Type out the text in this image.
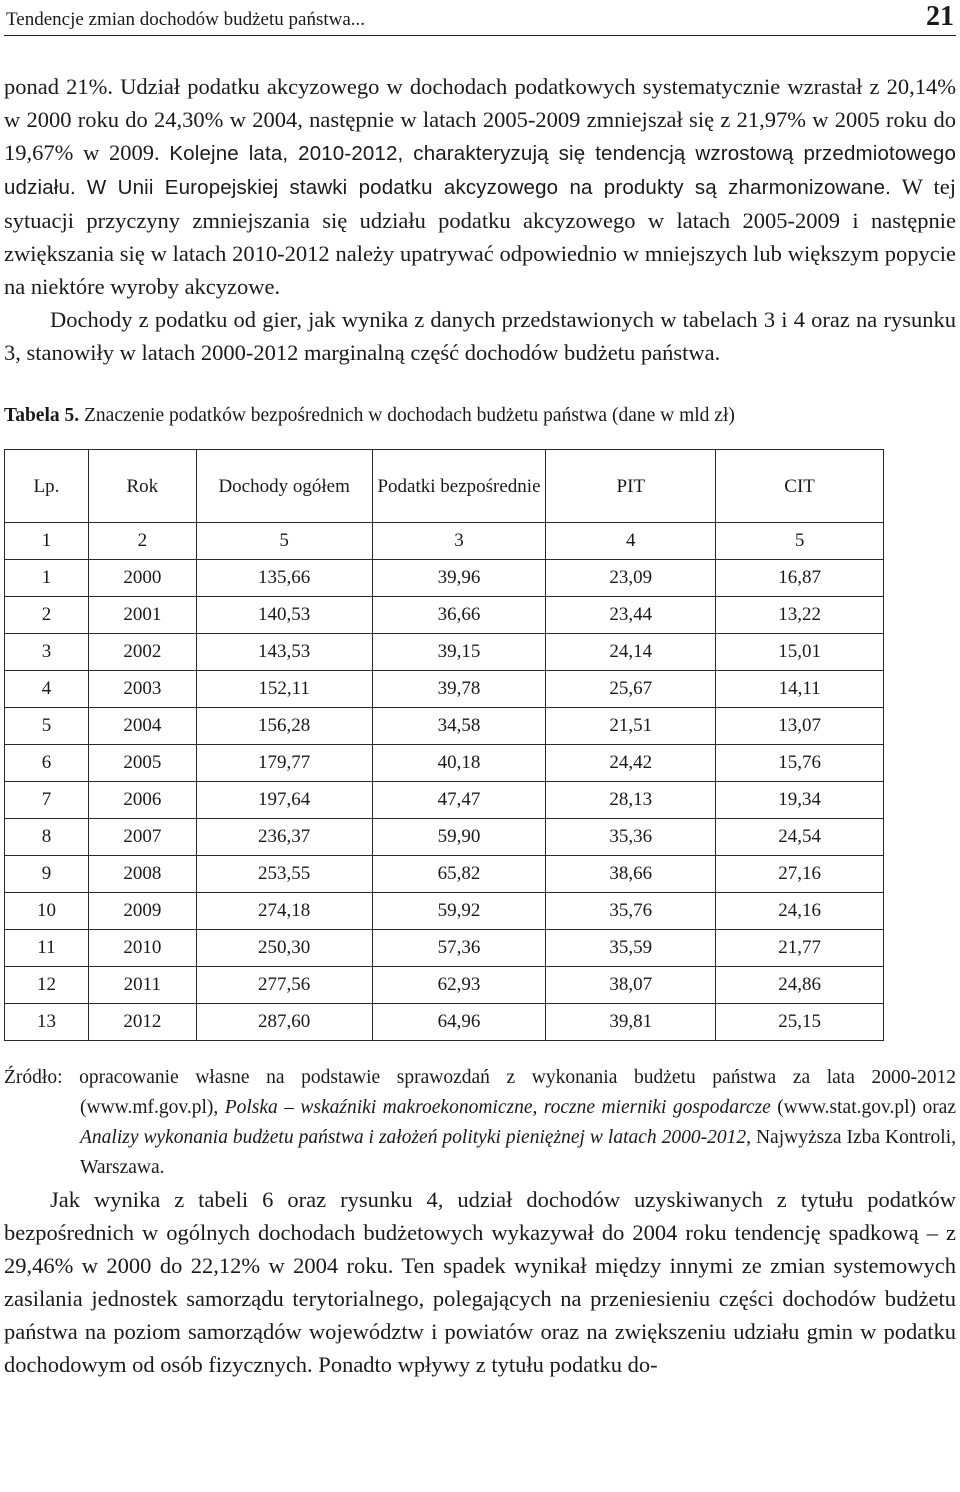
Tendencje zmian dochodów budżetu państwa...	21

ponad 21%. Udział podatku akcyzowego w dochodach podatkowych systematycznie wzrastał z 20,14% w 2000 roku do 24,30% w 2004, następnie w latach 2005-2009 zmniejszał się z 21,97% w 2005 roku do 19,67% w 2009. Kolejne lata, 2010-2012, charakteryzują się tendencją wzrostową przedmiotowego udziału. W Unii Europejskiej stawki podatku akcyzowego na produkty są zharmonizowane. W tej sytuacji przyczyny zmniejszania się udziału podatku akcyzowego w latach 2005-2009 i następnie zwiększania się w latach 2010-2012 należy upatrywać odpowiednio w mniejszych lub większym popycie na niektóre wyroby akcyzowe.

Dochody z podatku od gier, jak wynika z danych przedstawionych w tabelach 3 i 4 oraz na rysunku 3, stanowiły w latach 2000-2012 marginalną część dochodów budżetu państwa.

Tabela 5. Znaczenie podatków bezpośrednich w dochodach budżetu państwa (dane w mld zł)
Lp.	Rok	Dochody ogółem	Podatki bezpośrednie	PIT	CIT
1	2	5	3	4	5
1	2000	135,66	39,96	23,09	16,87
2	2001	140,53	36,66	23,44	13,22
3	2002	143,53	39,15	24,14	15,01
4	2003	152,11	39,78	25,67	14,11
5	2004	156,28	34,58	21,51	13,07
6	2005	179,77	40,18	24,42	15,76
7	2006	197,64	47,47	28,13	19,34
8	2007	236,37	59,90	35,36	24,54
9	2008	253,55	65,82	38,66	27,16
10	2009	274,18	59,92	35,76	24,16
11	2010	250,30	57,36	35,59	21,77
12	2011	277,56	62,93	38,07	24,86
13	2012	287,60	64,96	39,81	25,15
Źródło: opracowanie własne na podstawie sprawozdań z wykonania budżetu państwa za lata 2000-2012 (www.mf.gov.pl), Polska – wskaźniki makroekonomiczne, roczne mierniki gospodarcze (www.stat.gov.pl) oraz Analizy wykonania budżetu państwa i założeń polityki pieniężnej w latach 2000-2012, Najwyższa Izba Kontroli, Warszawa.

Jak wynika z tabeli 6 oraz rysunku 4, udział dochodów uzyskiwanych z tytułu podatków bezpośrednich w ogólnych dochodach budżetowych wykazywał do 2004 roku tendencję spadkową – z 29,46% w 2000 do 22,12% w 2004 roku. Ten spadek wynikał między innymi ze zmian systemowych zasilania jednostek samorządu terytorialnego, polegających na przeniesieniu części dochodów budżetu państwa na poziom samorządów województw i powiatów oraz na zwiększeniu udziału gmin w podatku dochodowym od osób fizycznych. Ponadto wpływy z tytułu podatku do-
